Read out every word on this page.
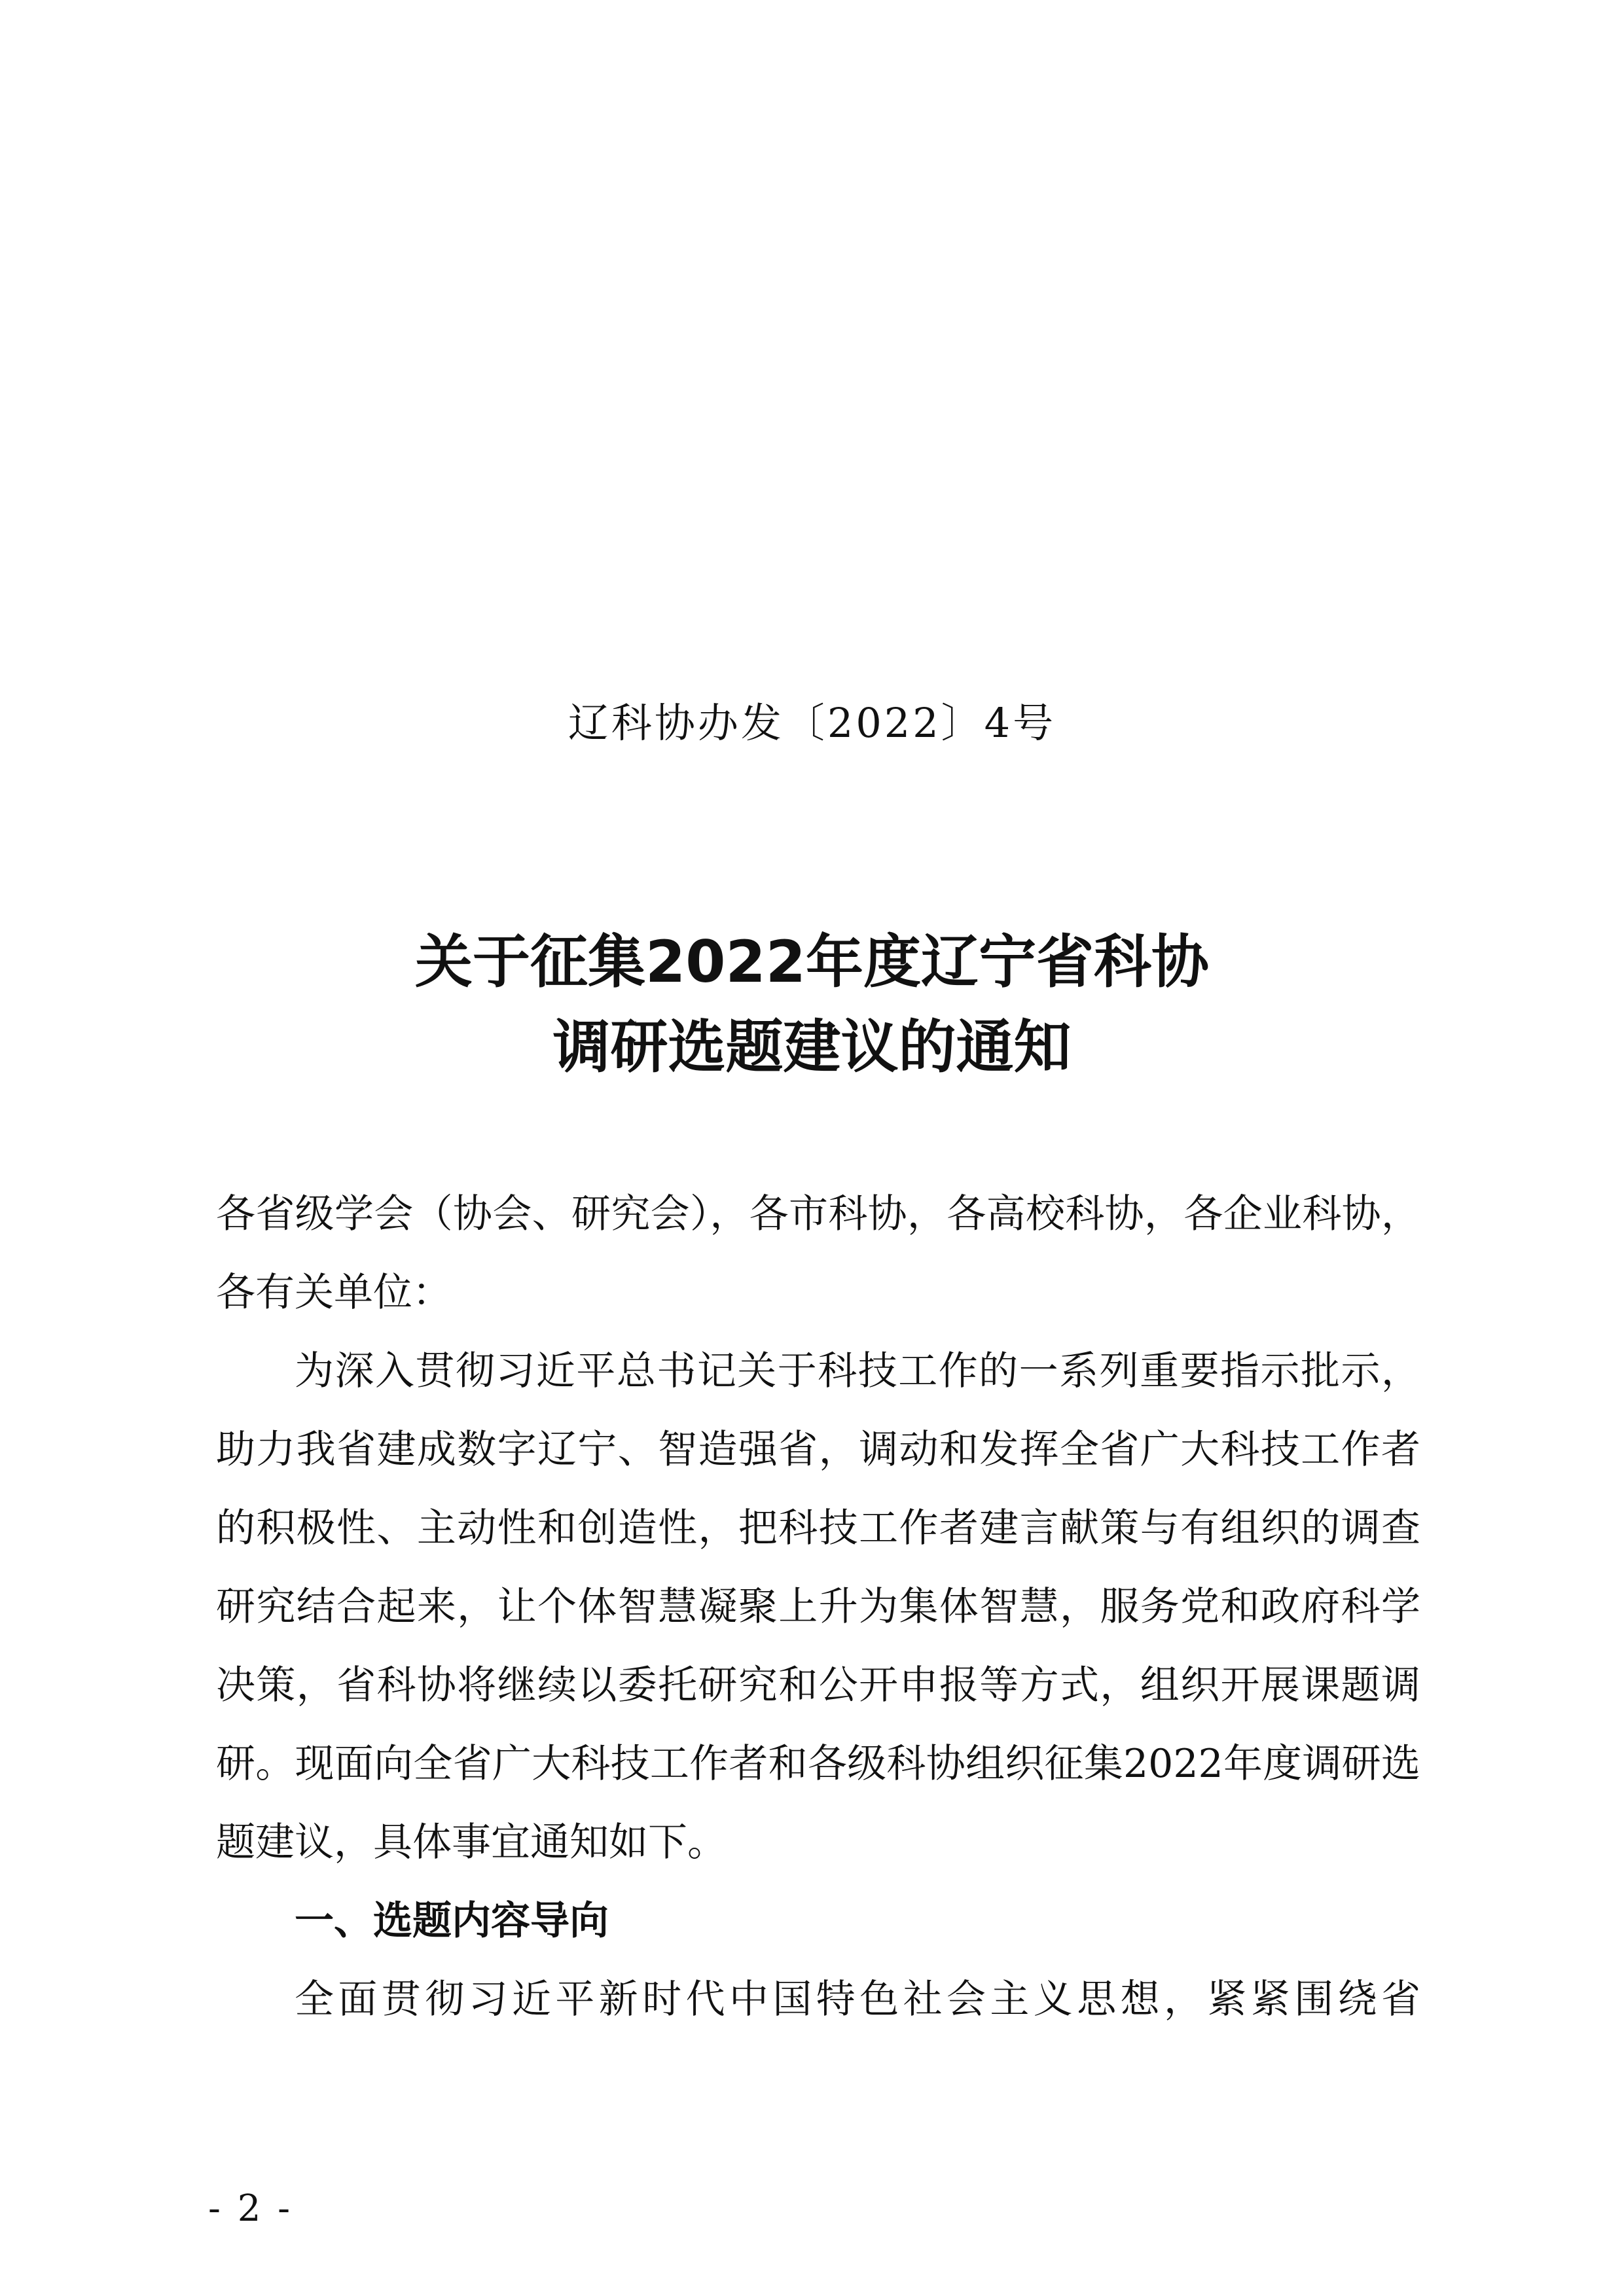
辽科协办发〔2022〕4号
关于征集2022年度辽宁省科协
调研选题建议的通知

各省级学会（协会、研究会），各市科协，各高校科协，各企业科协，各有关单位：

为深入贯彻习近平总书记关于科技工作的一系列重要指示批示，助力我省建成数字辽宁、智造强省，调动和发挥全省广大科技工作者的积极性、主动性和创造性，把科技工作者建言献策与有组织的调查研究结合起来，让个体智慧凝聚上升为集体智慧，服务党和政府科学决策，省科协将继续以委托研究和公开申报等方式，组织开展课题调研。现面向全省广大科技工作者和各级科协组织征集2022年度调研选题建议，具体事宜通知如下。

一、选题内容导向

全面贯彻习近平新时代中国特色社会主义思想，紧紧围绕省

- 2 -
